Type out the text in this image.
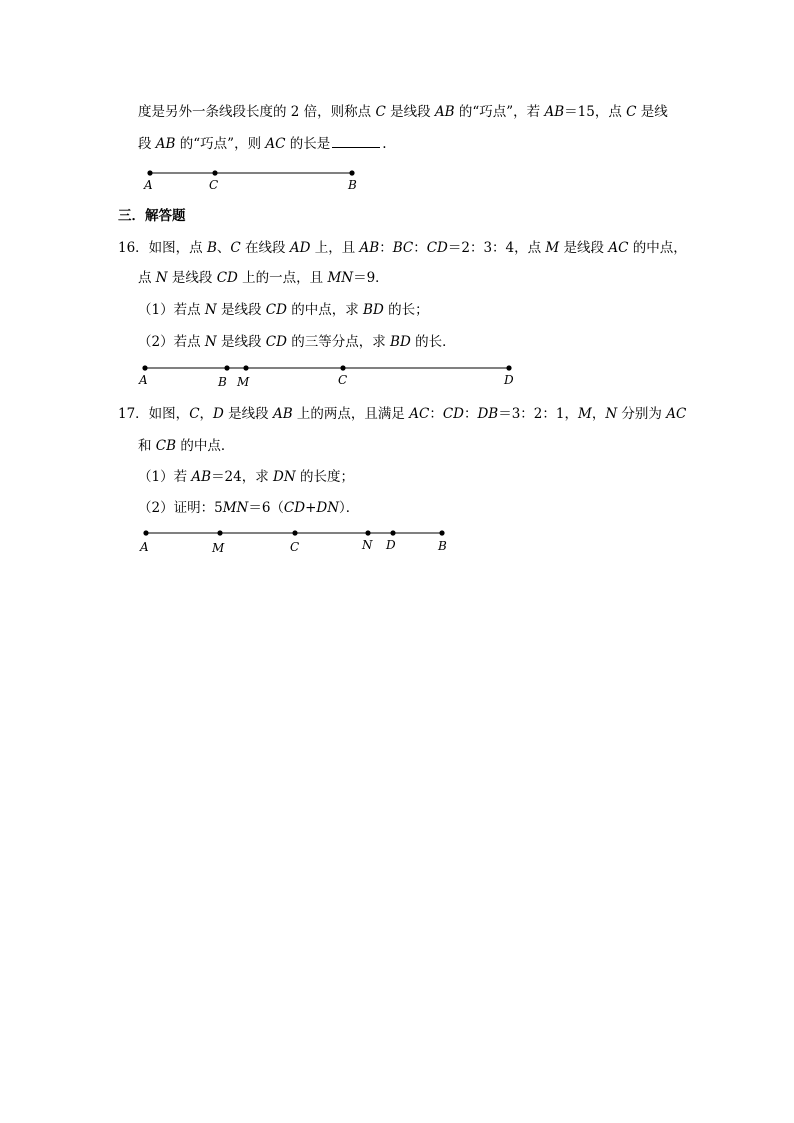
度是另外一条线段长度的 2 倍，则称点 C 是线段 AB 的“巧点”，若 AB＝15，点 C 是线
段 AB 的“巧点”，则 AC 的长是	.
三．解答题
16．如图，点 B、C 在线段 AD 上，且 AB：BC：CD＝2：3：4，点 M 是线段 AC 的中点，
点 N 是线段 CD 上的一点，且 MN＝9．
（1）若点 N 是线段 CD 的中点，求 BD 的长；
（2）若点 N 是线段 CD 的三等分点，求 BD 的长．
17．如图，C，D 是线段 AB 上的两点，且满足 AC：CD：DB＝3：2：1，M，N 分别为 AC
和 CB 的中点．
（1）若 AB＝24，求 DN 的长度；
（2）证明：5MN＝6（CD+DN）．
A	C	B
A	B M	C	D
A	M	C	N D	B
